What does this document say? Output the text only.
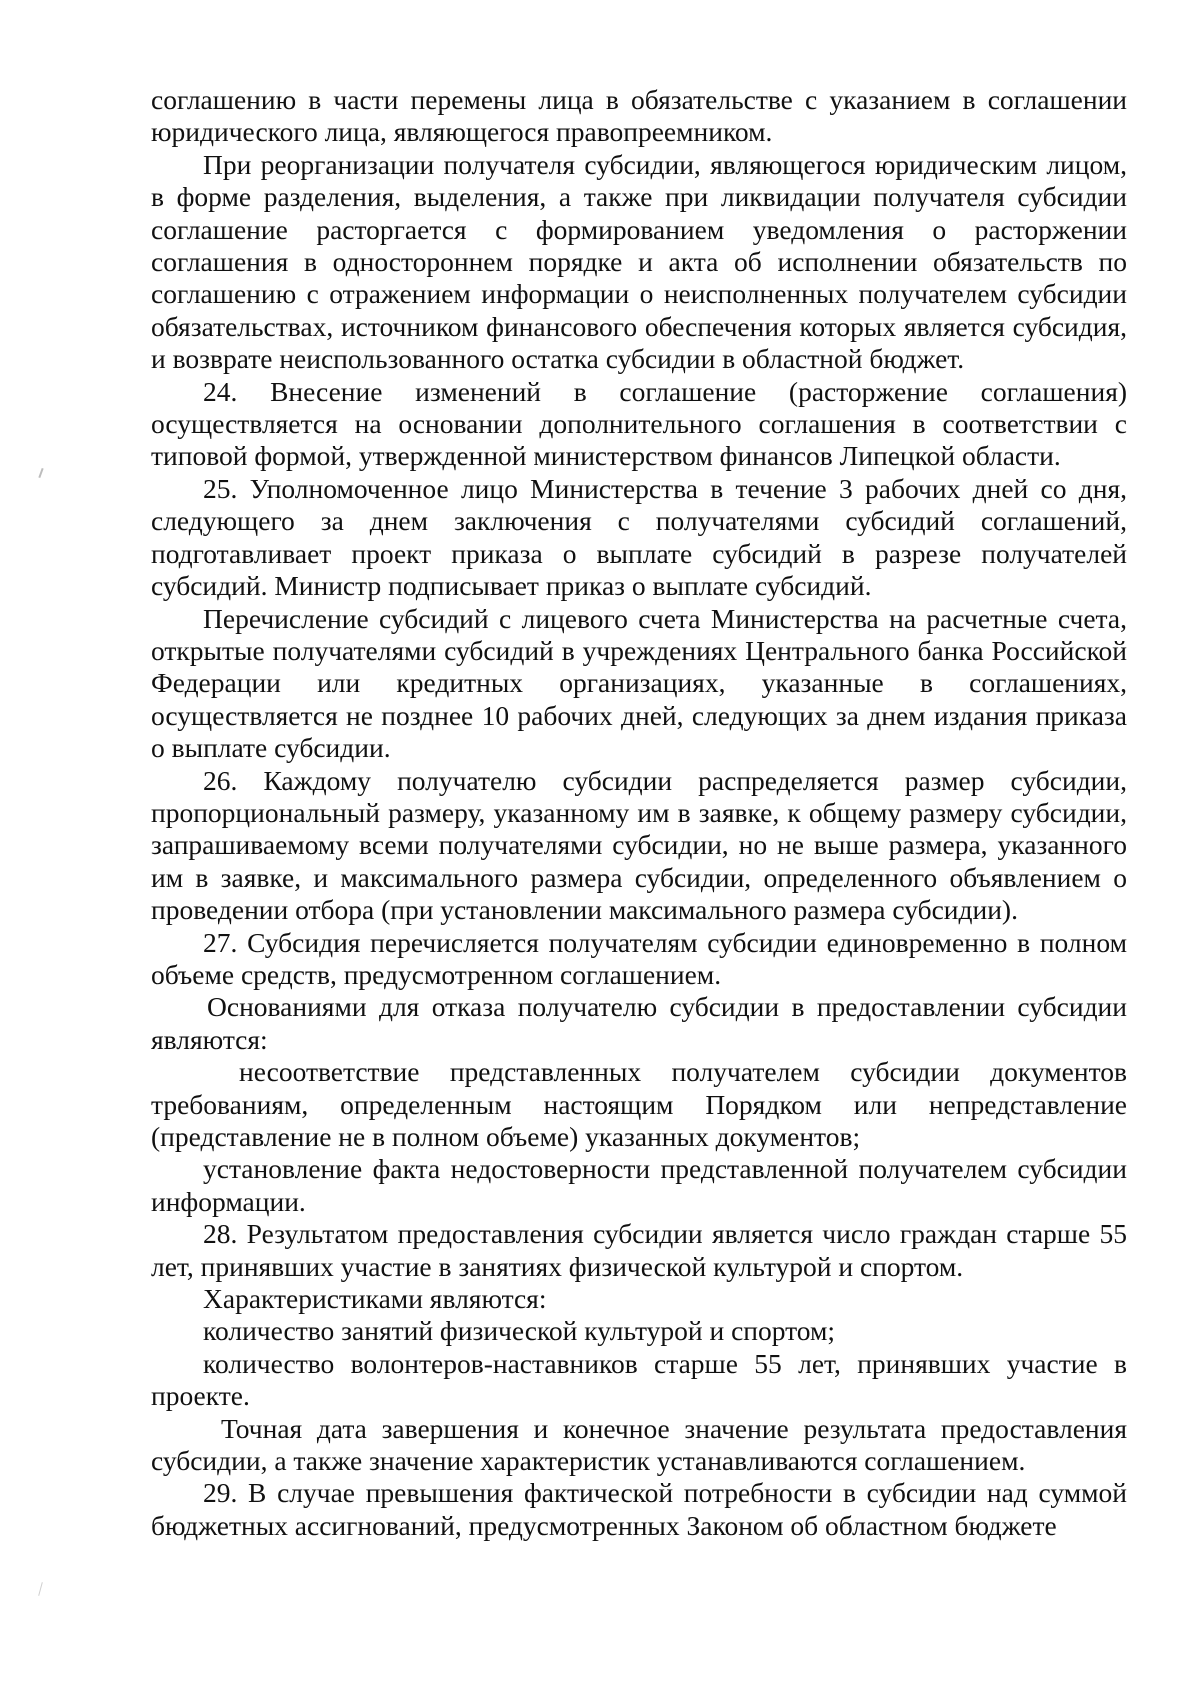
соглашению в части перемены лица в обязательстве с указанием в соглашении юридического лица, являющегося правопреемником.

При реорганизации получателя субсидии, являющегося юридическим лицом, в форме разделения, выделения, а также при ликвидации получателя субсидии соглашение расторгается с формированием уведомления о расторжении соглашения в одностороннем порядке и акта об исполнении обязательств по соглашению с отражением информации о неисполненных получателем субсидии обязательствах, источником финансового обеспечения которых является субсидия, и возврате неиспользованного остатка субсидии в областной бюджет.

24. Внесение изменений в соглашение (расторжение соглашения) осуществляется на основании дополнительного соглашения в соответствии с типовой формой, утвержденной министерством финансов Липецкой области.

25. Уполномоченное лицо Министерства в течение 3 рабочих дней со дня, следующего за днем заключения с получателями субсидий соглашений, подготавливает проект приказа о выплате субсидий в разрезе получателей субсидий. Министр подписывает приказ о выплате субсидий.

Перечисление субсидий с лицевого счета Министерства на расчетные счета, открытые получателями субсидий в учреждениях Центрального банка Российской Федерации или кредитных организациях, указанные в соглашениях, осуществляется не позднее 10 рабочих дней, следующих за днем издания приказа о выплате субсидии.

26. Каждому получателю субсидии распределяется размер субсидии, пропорциональный размеру, указанному им в заявке, к общему размеру субсидии, запрашиваемому всеми получателями субсидии, но не выше размера, указанного им в заявке, и максимального размера субсидии, определенного объявлением о проведении отбора (при установлении максимального размера субсидии).

27. Субсидия перечисляется получателям субсидии единовременно в полном объеме средств, предусмотренном соглашением.

Основаниями для отказа получателю субсидии в предоставлении субсидии являются:

несоответствие представленных получателем субсидии документов требованиям, определенным настоящим Порядком или непредставление (представление не в полном объеме) указанных документов;

установление факта недостоверности представленной получателем субсидии информации.

28. Результатом предоставления субсидии является число граждан старше 55 лет, принявших участие в занятиях физической культурой и спортом.

Характеристиками являются:

количество занятий физической культурой и спортом;

количество волонтеров-наставников старше 55 лет, принявших участие в проекте.

Точная дата завершения и конечное значение результата предоставления субсидии, а также значение характеристик устанавливаются соглашением.

29. В случае превышения фактической потребности в субсидии над суммой бюджетных ассигнований, предусмотренных Законом об областном бюджете
